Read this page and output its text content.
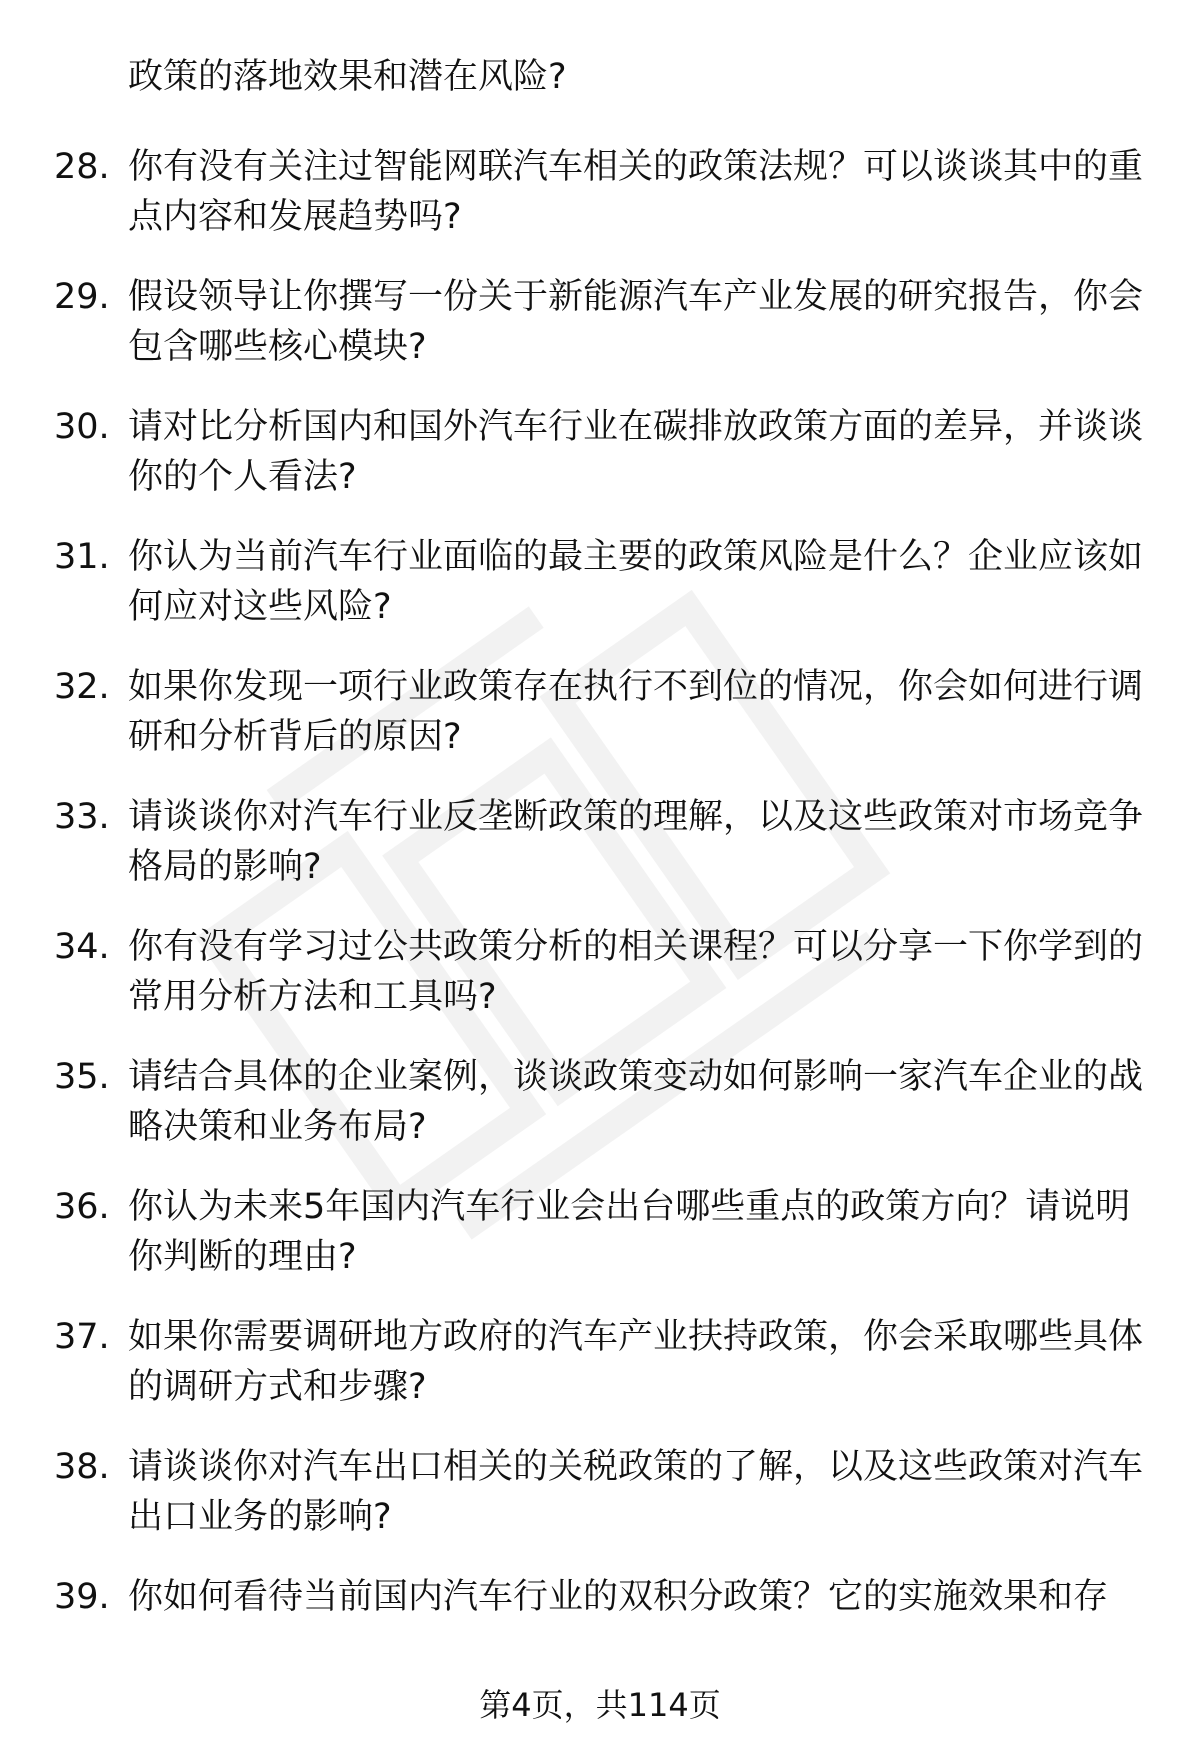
政策的落地效果和潜在风险?
28. 你有没有关注过智能网联汽车相关的政策法规？可以谈谈其中的重点内容和发展趋势吗?
29. 假设领导让你撰写一份关于新能源汽车产业发展的研究报告，你会包含哪些核心模块?
30. 请对比分析国内和国外汽车行业在碳排放政策方面的差异，并谈谈你的个人看法?
31. 你认为当前汽车行业面临的最主要的政策风险是什么？企业应该如何应对这些风险?
32. 如果你发现一项行业政策存在执行不到位的情况，你会如何进行调研和分析背后的原因?
33. 请谈谈你对汽车行业反垄断政策的理解，以及这些政策对市场竞争格局的影响?
34. 你有没有学习过公共政策分析的相关课程？可以分享一下你学到的常用分析方法和工具吗?
35. 请结合具体的企业案例，谈谈政策变动如何影响一家汽车企业的战略决策和业务布局?
36. 你认为未来5年国内汽车行业会出台哪些重点的政策方向？请说明你判断的理由?
37. 如果你需要调研地方政府的汽车产业扶持政策，你会采取哪些具体的调研方式和步骤?
38. 请谈谈你对汽车出口相关的关税政策的了解，以及这些政策对汽车出口业务的影响?
39. 你如何看待当前国内汽车行业的双积分政策？它的实施效果和存
第4页，共114页
